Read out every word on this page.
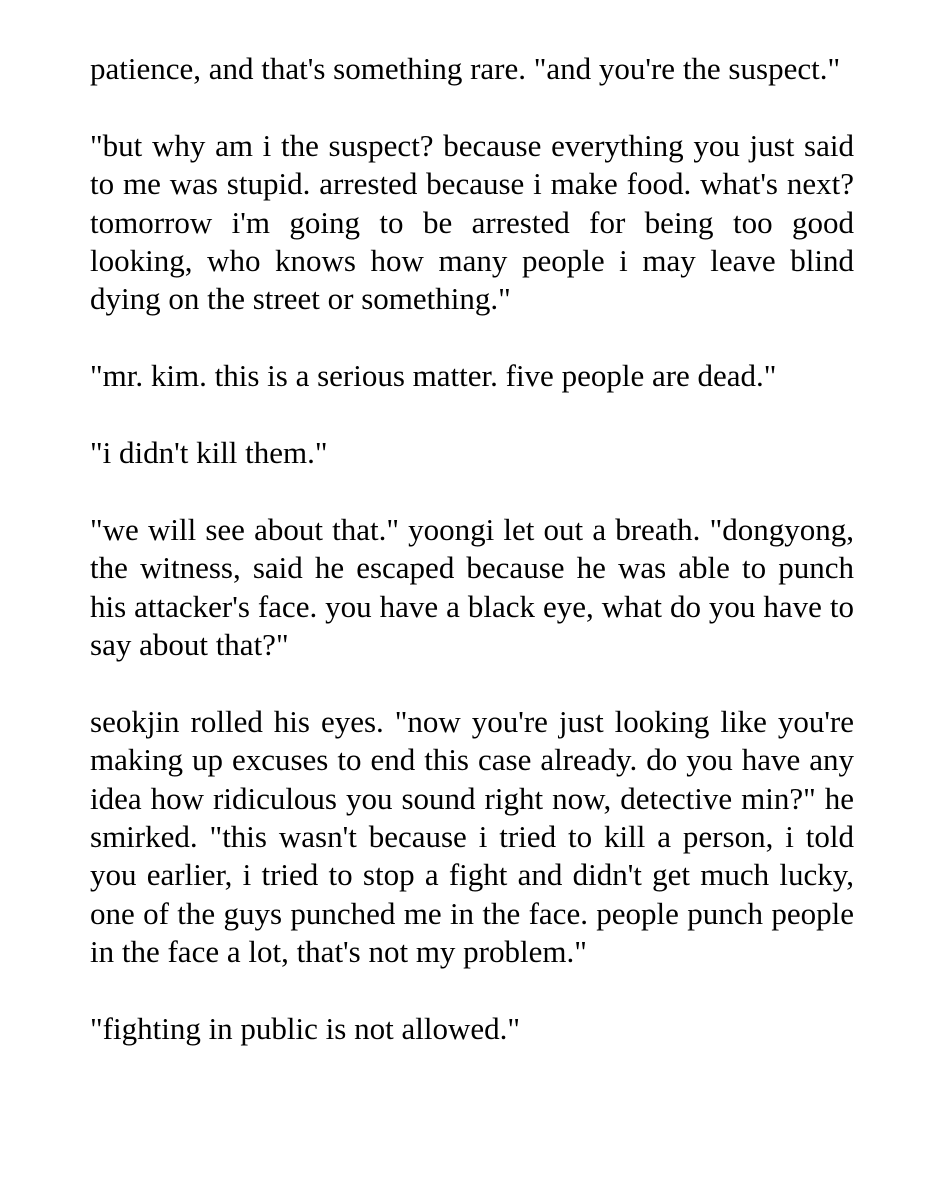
patience, and that's something rare. "and you're the suspect."

"but why am i the suspect? because everything you just said to me was stupid. arrested because i make food. what's next? tomorrow i'm going to be arrested for being too good looking, who knows how many people i may leave blind dying on the street or something."

"mr. kim. this is a serious matter. five people are dead."

"i didn't kill them."

"we will see about that." yoongi let out a breath. "dongyong, the witness, said he escaped because he was able to punch his attacker's face. you have a black eye, what do you have to say about that?"

seokjin rolled his eyes. "now you're just looking like you're making up excuses to end this case already. do you have any idea how ridiculous you sound right now, detective min?" he smirked. "this wasn't because i tried to kill a person, i told you earlier, i tried to stop a fight and didn't get much lucky, one of the guys punched me in the face. people punch people in the face a lot, that's not my problem."

"fighting in public is not allowed."
